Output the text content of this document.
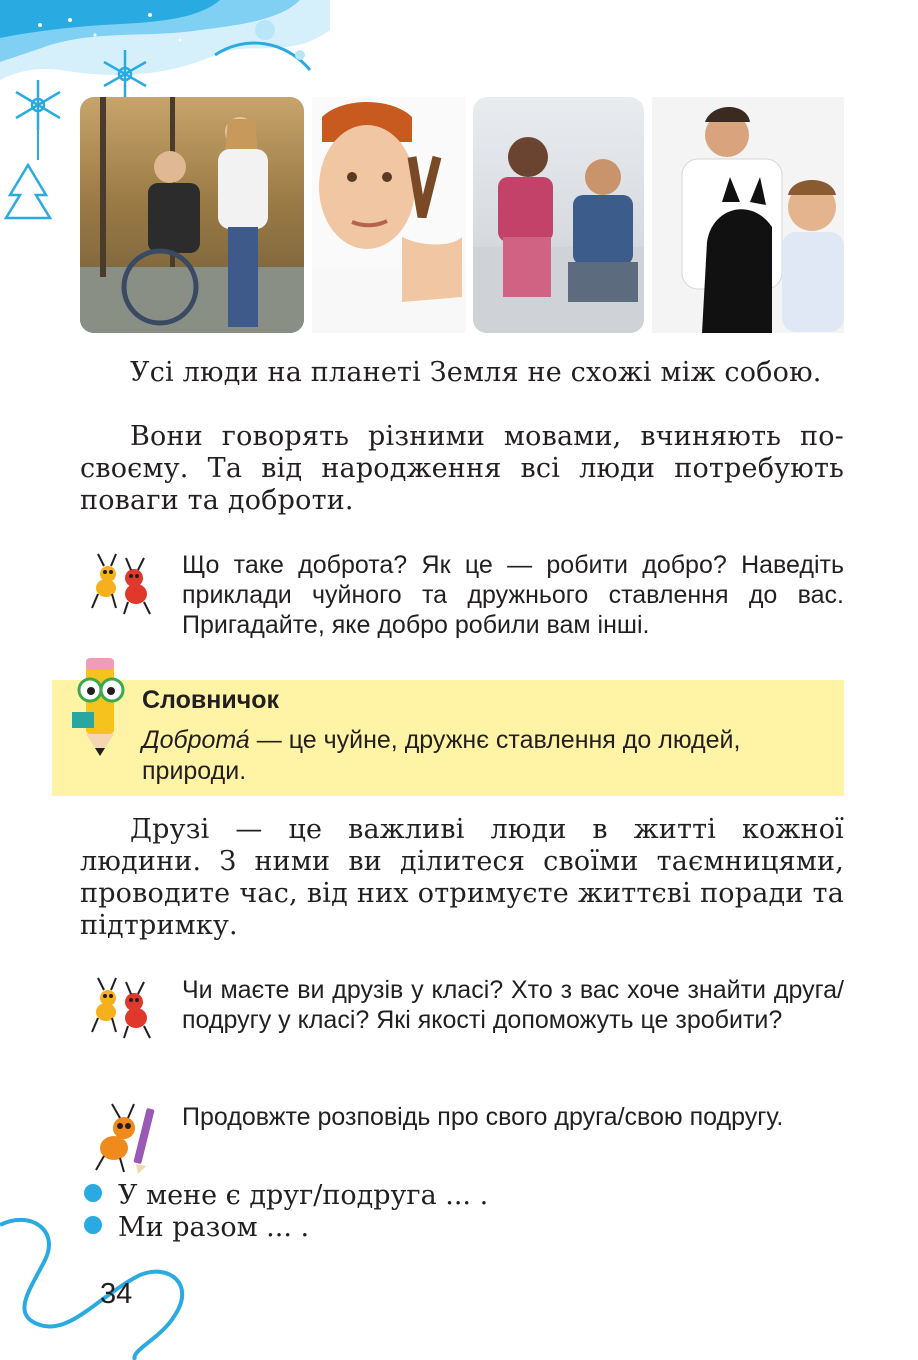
Усі люди на планеті Земля не схожі між собою.
Вони говорять різними мовами, вчиняють по-своєму. Та від народження всі люди потребують поваги та доброти.
Що таке доброта? Як це — робити добро? Наведіть приклади чуйного та дружнього ставлення до вас. Пригадайте, яке добро робили вам інші.
Словничок
Доброта́ — це чуйне, дружнє ставлення до людей, природи.
Друзі — це важливі люди в житті кожної людини. З ними ви ділитеся своїми таємницями, проводите час, від них отримуєте життєві поради та підтримку.
Чи маєте ви друзів у класі? Хто з вас хоче знайти друга/подругу у класі? Які якості допоможуть це зробити?
Продовжте розповідь про свого друга/свою подругу.
У мене є друг/подруга ... .
Ми разом ... .
34
